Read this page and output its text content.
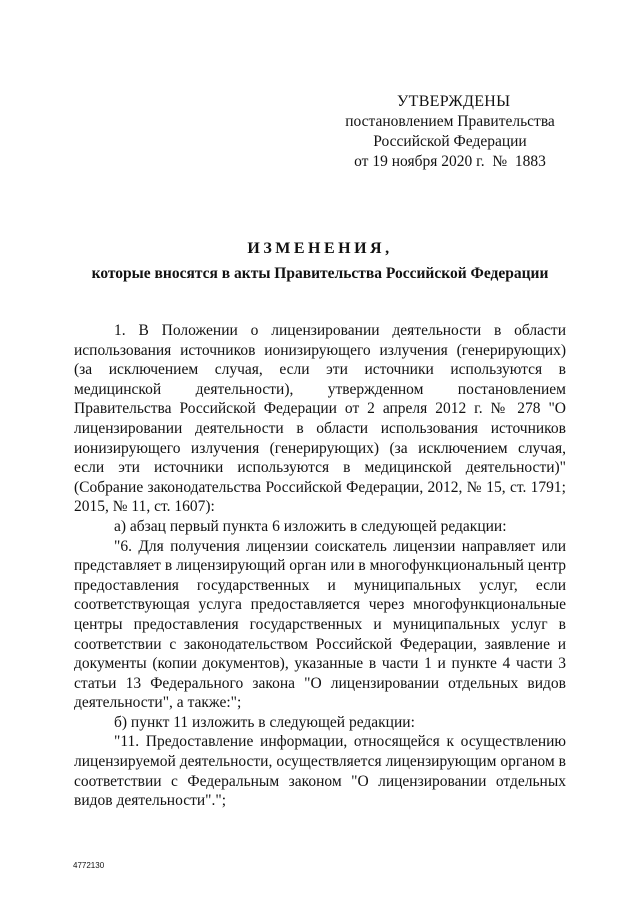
УТВЕРЖДЕНЫ
постановлением Правительства
Российской Федерации
от 19 ноября 2020 г.  №  1883
ИЗМЕНЕНИЯ,
которые вносятся в акты Правительства Российской Федерации

1. В Положении о лицензировании деятельности в области использования источников ионизирующего излучения (генерирующих) (за исключением случая, если эти источники используются в медицинской деятельности), утвержденном постановлением Правительства Российской Федерации от 2 апреля 2012 г. № 278 "О лицензировании деятельности в области использования источников ионизирующего излучения (генерирующих) (за исключением случая, если эти источники используются в медицинской деятельности)" (Собрание законодательства Российской Федерации, 2012, № 15, ст. 1791; 2015, № 11, ст. 1607):

а) абзац первый пункта 6 изложить в следующей редакции:

"6. Для получения лицензии соискатель лицензии направляет или представляет в лицензирующий орган или в многофункциональный центр предоставления государственных и муниципальных услуг, если соответствующая услуга предоставляется через многофункциональные центры предоставления государственных и муниципальных услуг в соответствии с законодательством Российской Федерации, заявление и документы (копии документов), указанные в части 1 и пункте 4 части 3 статьи 13 Федерального закона "О лицензировании отдельных видов деятельности", а также:";

б) пункт 11 изложить в следующей редакции:

"11. Предоставление информации, относящейся к осуществлению лицензируемой деятельности, осуществляется лицензирующим органом в соответствии с Федеральным законом "О лицензировании отдельных видов деятельности".";

4772130
